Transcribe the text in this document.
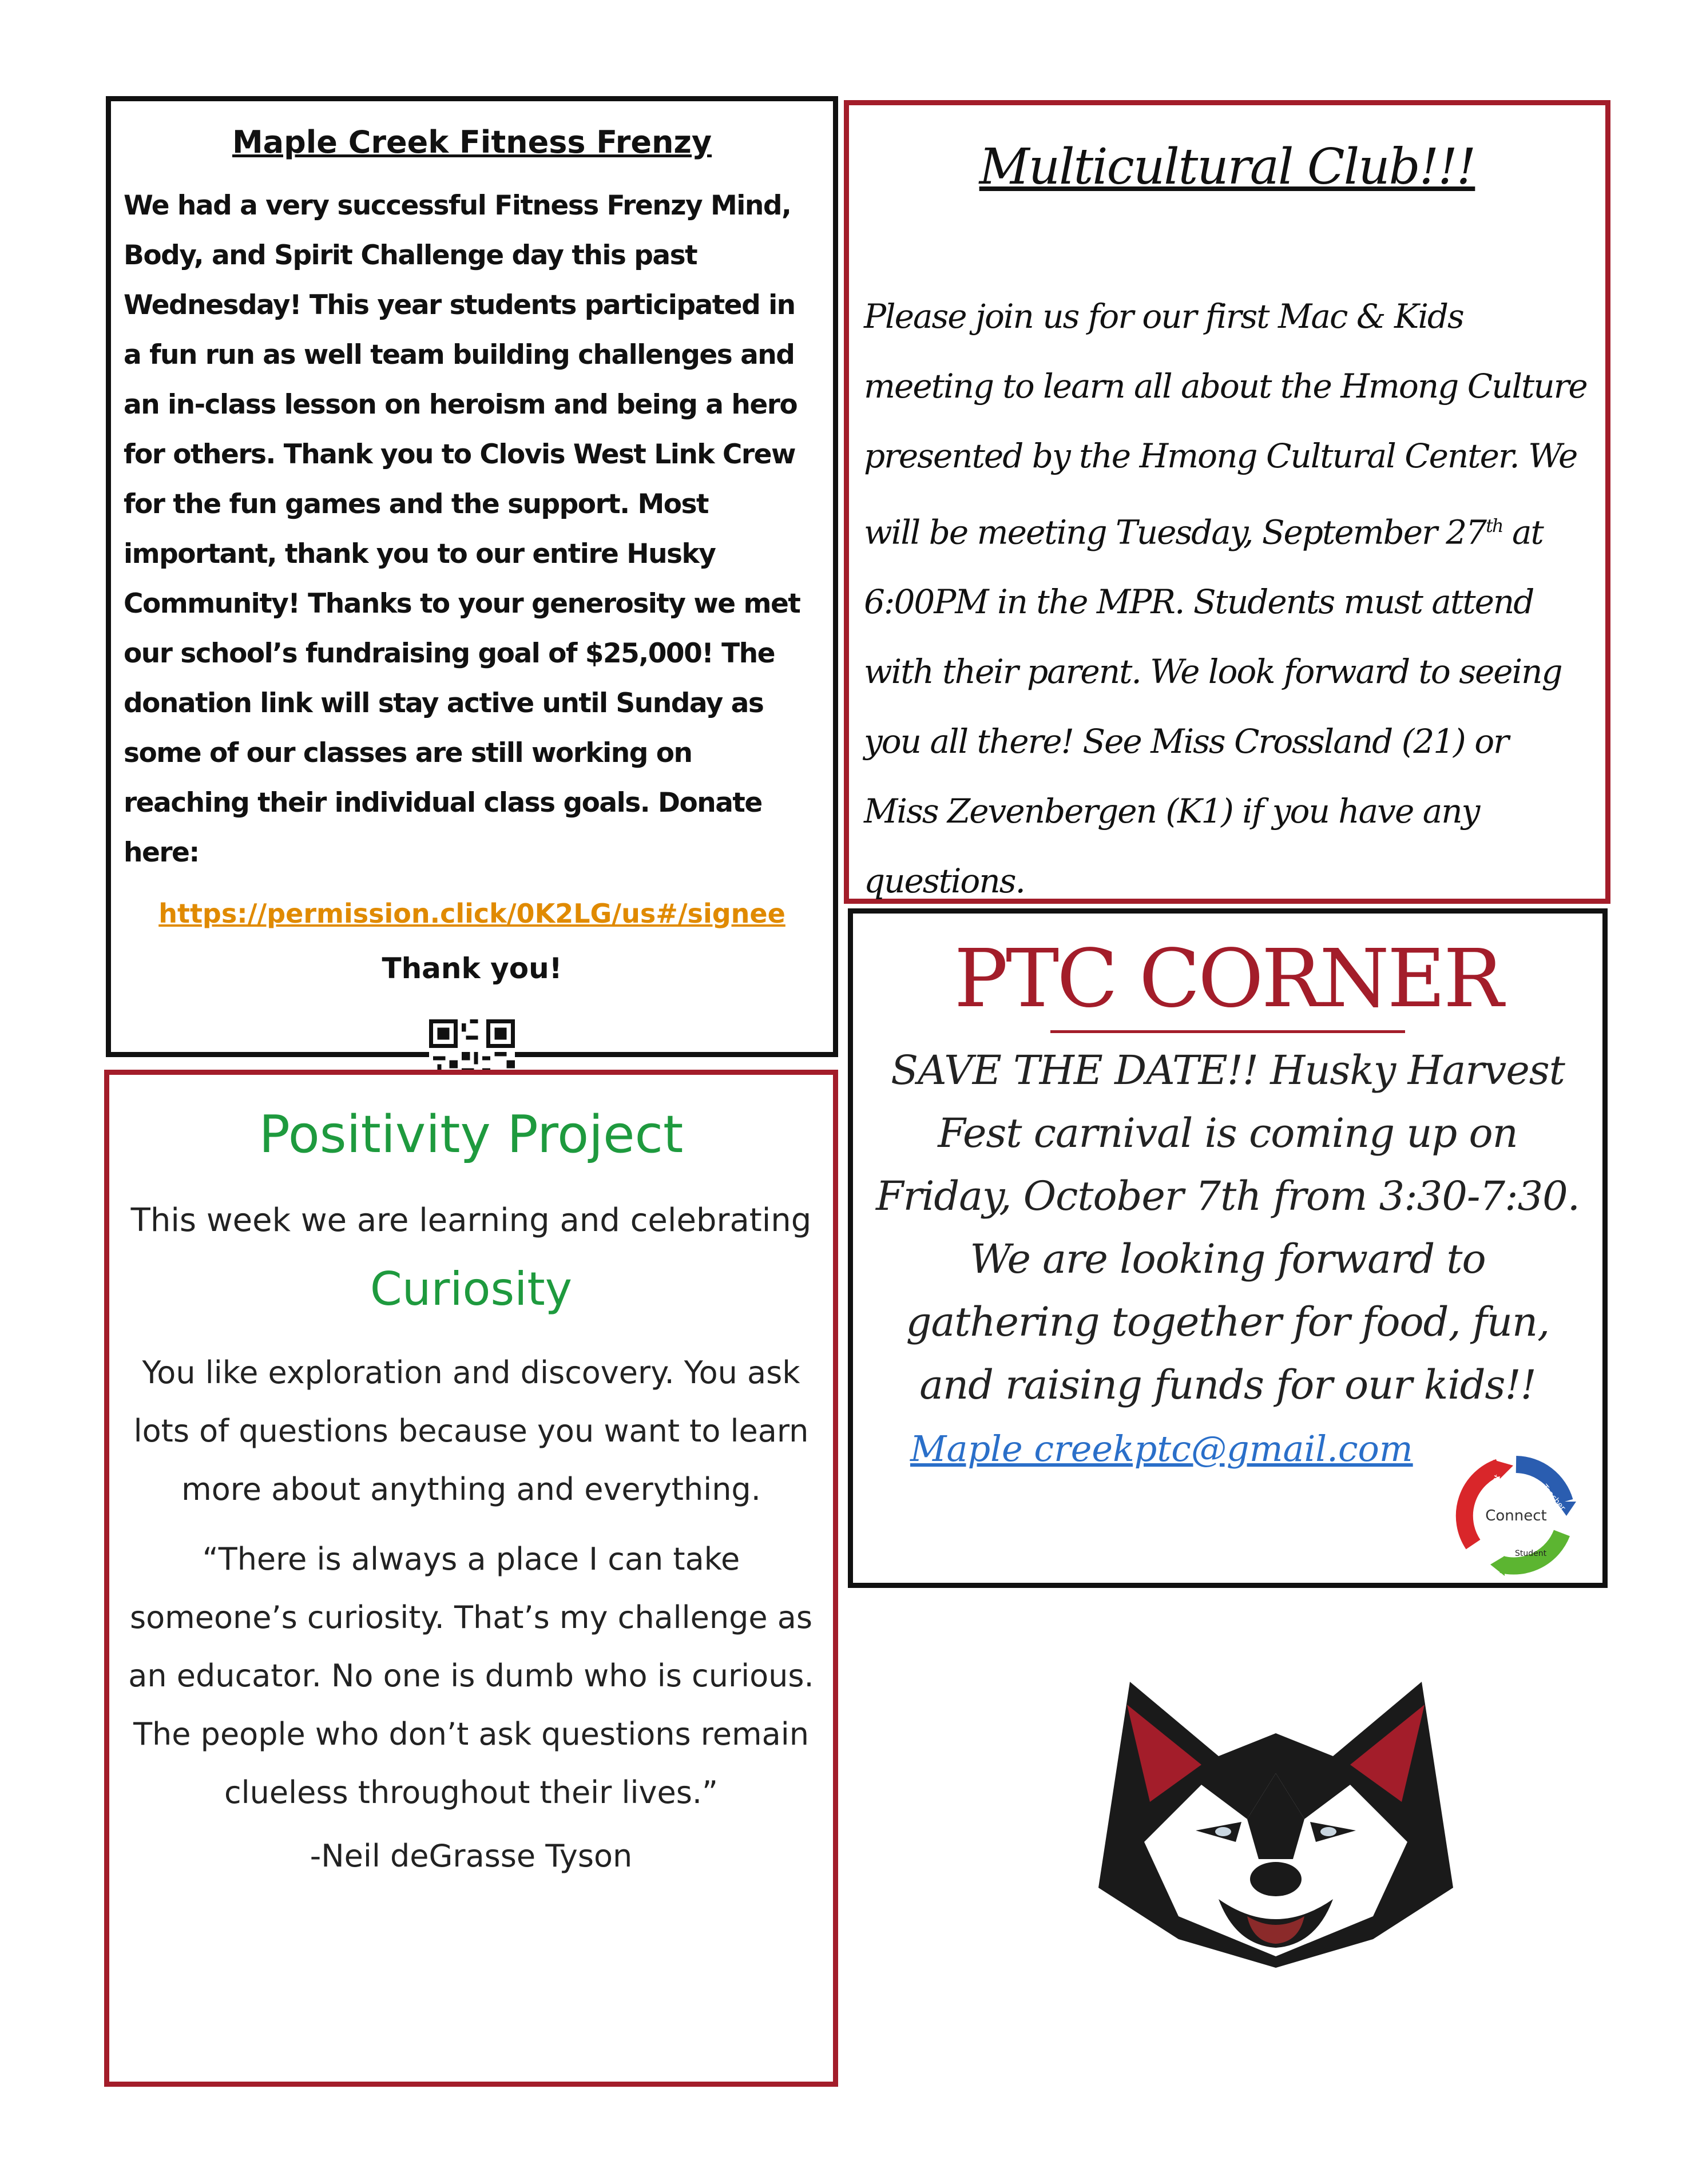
Maple Creek Fitness Frenzy
We had a very successful Fitness Frenzy Mind, Body, and Spirit Challenge day this past Wednesday! This year students participated in a fun run as well team building challenges and an in-class lesson on heroism and being a hero for others. Thank you to Clovis West Link Crew for the fun games and the support. Most important, thank you to our entire Husky Community! Thanks to your generosity we met our school’s fundraising goal of $25,000! The donation link will stay active until Sunday as some of our classes are still working on reaching their individual class goals. Donate here:
https://permission.click/0K2LG/us#/signee
Thank you!
Multicultural Club!!!
Please join us for our first Mac & Kids meeting to learn all about the Hmong Culture presented by the Hmong Cultural Center. We will be meeting Tuesday, September 27th at 6:00PM in the MPR. Students must attend with their parent. We look forward to seeing you all there! See Miss Crossland (21) or Miss Zevenbergen (K1) if you have any questions.
PTC CORNER
SAVE THE DATE!! Husky Harvest Fest carnival is coming up on Friday, October 7th from 3:30-7:30. We are looking forward to gathering together for food, fun, and raising funds for our kids!!
Maple creekptc@gmail.com
Connect
Parent	Teacher
Student
Positivity Project
This week we are learning and celebrating
Curiosity
You like exploration and discovery. You ask lots of questions because you want to learn more about anything and everything.
“There is always a place I can take someone’s curiosity. That’s my challenge as an educator. No one is dumb who is curious. The people who don’t ask questions remain clueless throughout their lives.”
-Neil deGrasse Tyson
